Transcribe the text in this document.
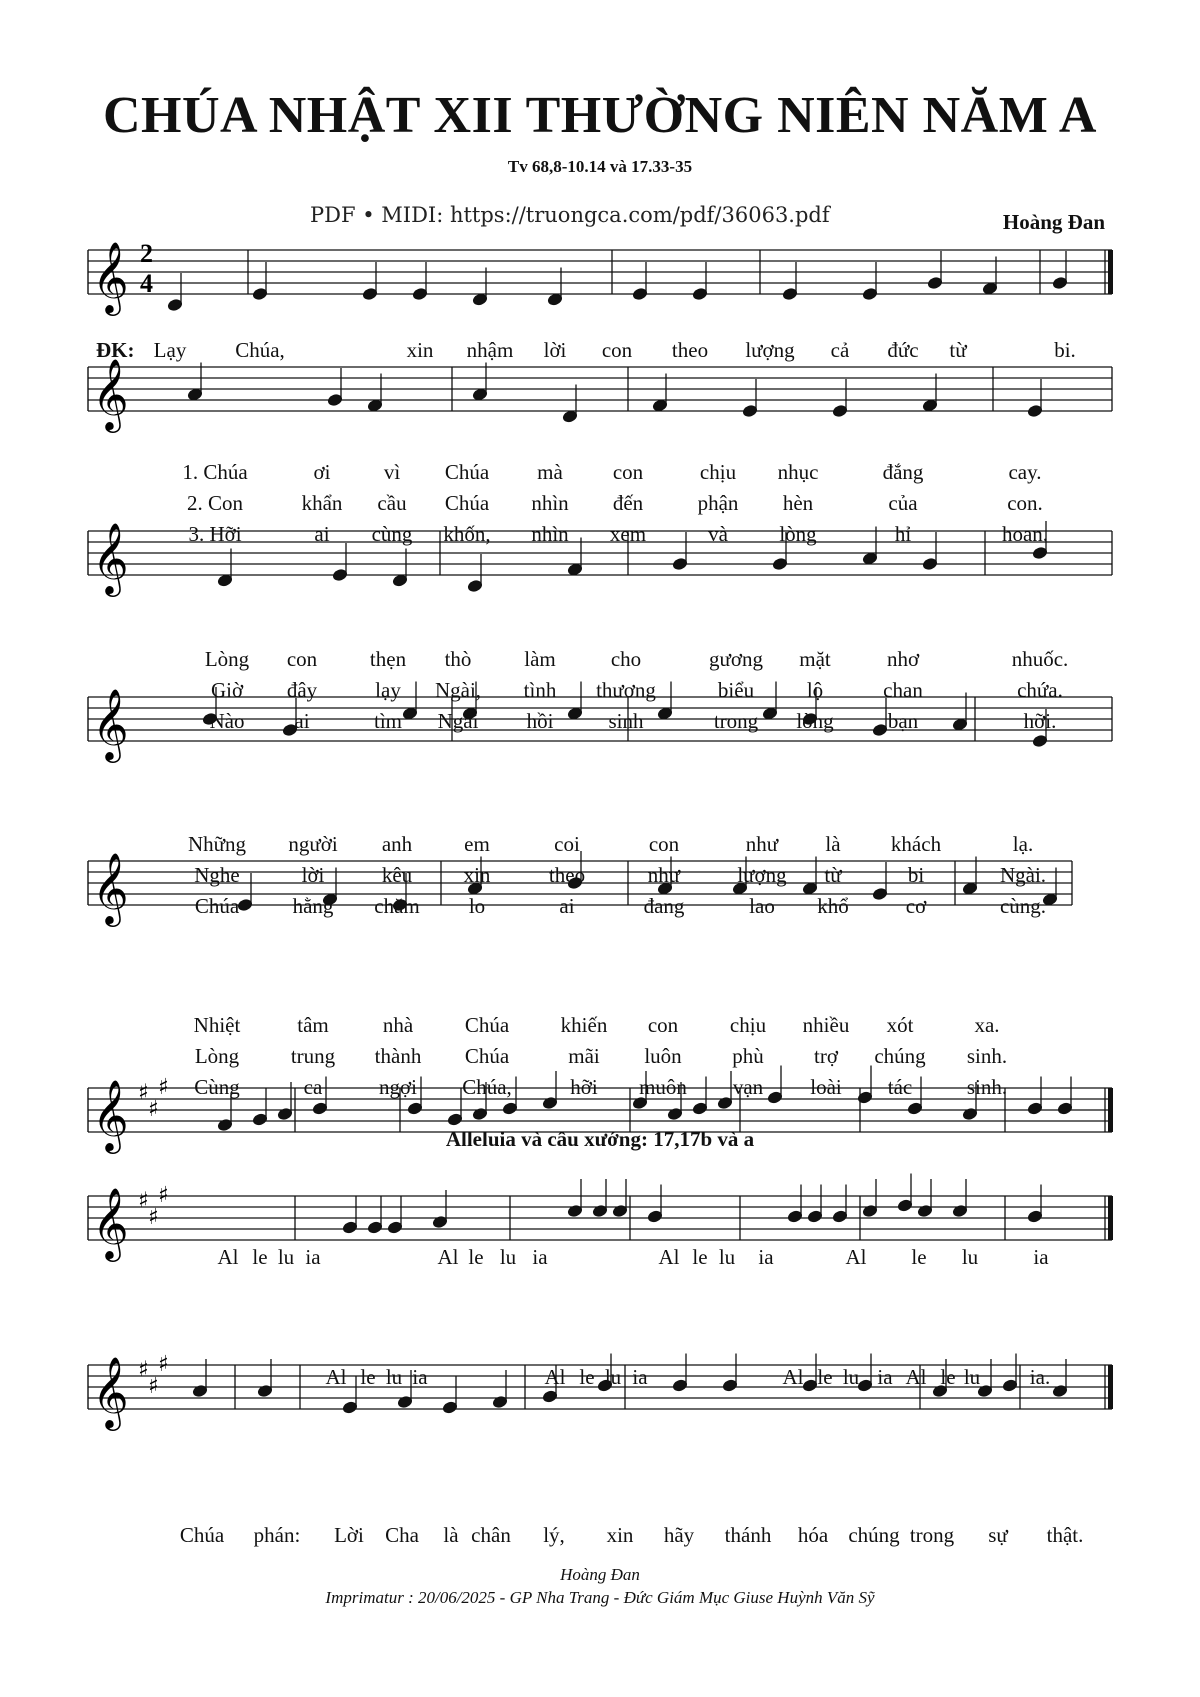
CHÚA NHẬT XII THƯỜNG NIÊN NĂM A
Tv 68,8-10.14 và 17.33-35
PDF • MIDI: https://truongca.com/pdf/36063.pdf	Hoàng Đan
Alleluia và câu xướng: 17,17b và a
𝄞
𝄞
𝄞
𝄞
𝄞
𝄞 ♯
♯
♯
𝄞 ♯
♯
♯
𝄞 ♯
♯
♯
2
4
ĐK: Lạy Chúa,	xin nhậm lời con theo lượng cả đức từ	bi.
1. Chúa	ơi	vì Chúa mà con	chịu nhục	đắng	cay.
2. Con	khẩn cầu Chúa nhìn đến	phận hèn	của	con.
3. Hỡi	ai cùng khốn, nhìn xem	và lòng	hỉ	hoan.
Lòng con	thẹn thò	làm	cho	gương mặt	nhơ	nhuốc.
Giờ đây	lạy Ngài, tình thương	biểu	lộ	chan	chứa.
Nào ai	tìm Ngài hồi	sinh	trong lòng	bạn	hỡi.
Những người anh em	coi	con	như là khách	lạ.
Nghe	lời	kêu xin	theo	như	lượng từ	bi	Ngài.
Chúa	hằng chăm lo	ai	đang	lao khổ	cơ	cùng.
Nhiệt	tâm	nhà Chúa khiến con chịu nhiều xót	xa.
Lòng trung thành Chúa	mãi luôn phù trợ chúng sinh.
Cùng	ca	ngợi Chúa,	hỡi muôn vạn loài tác	sinh.
Al le lu ia	Al le lu ia	Al le lu ia	Al le lu	ia
Al le lu ia	Al le lu ia	Al le lu ia Al le lu ia.
Chúa phán: Lời Cha là chân lý, xin hãy thánh hóa chúng trong sự thật.
Hoàng Đan
Imprimatur : 20/06/2025 - GP Nha Trang - Đức Giám Mục Giuse Huỳnh Văn Sỹ
